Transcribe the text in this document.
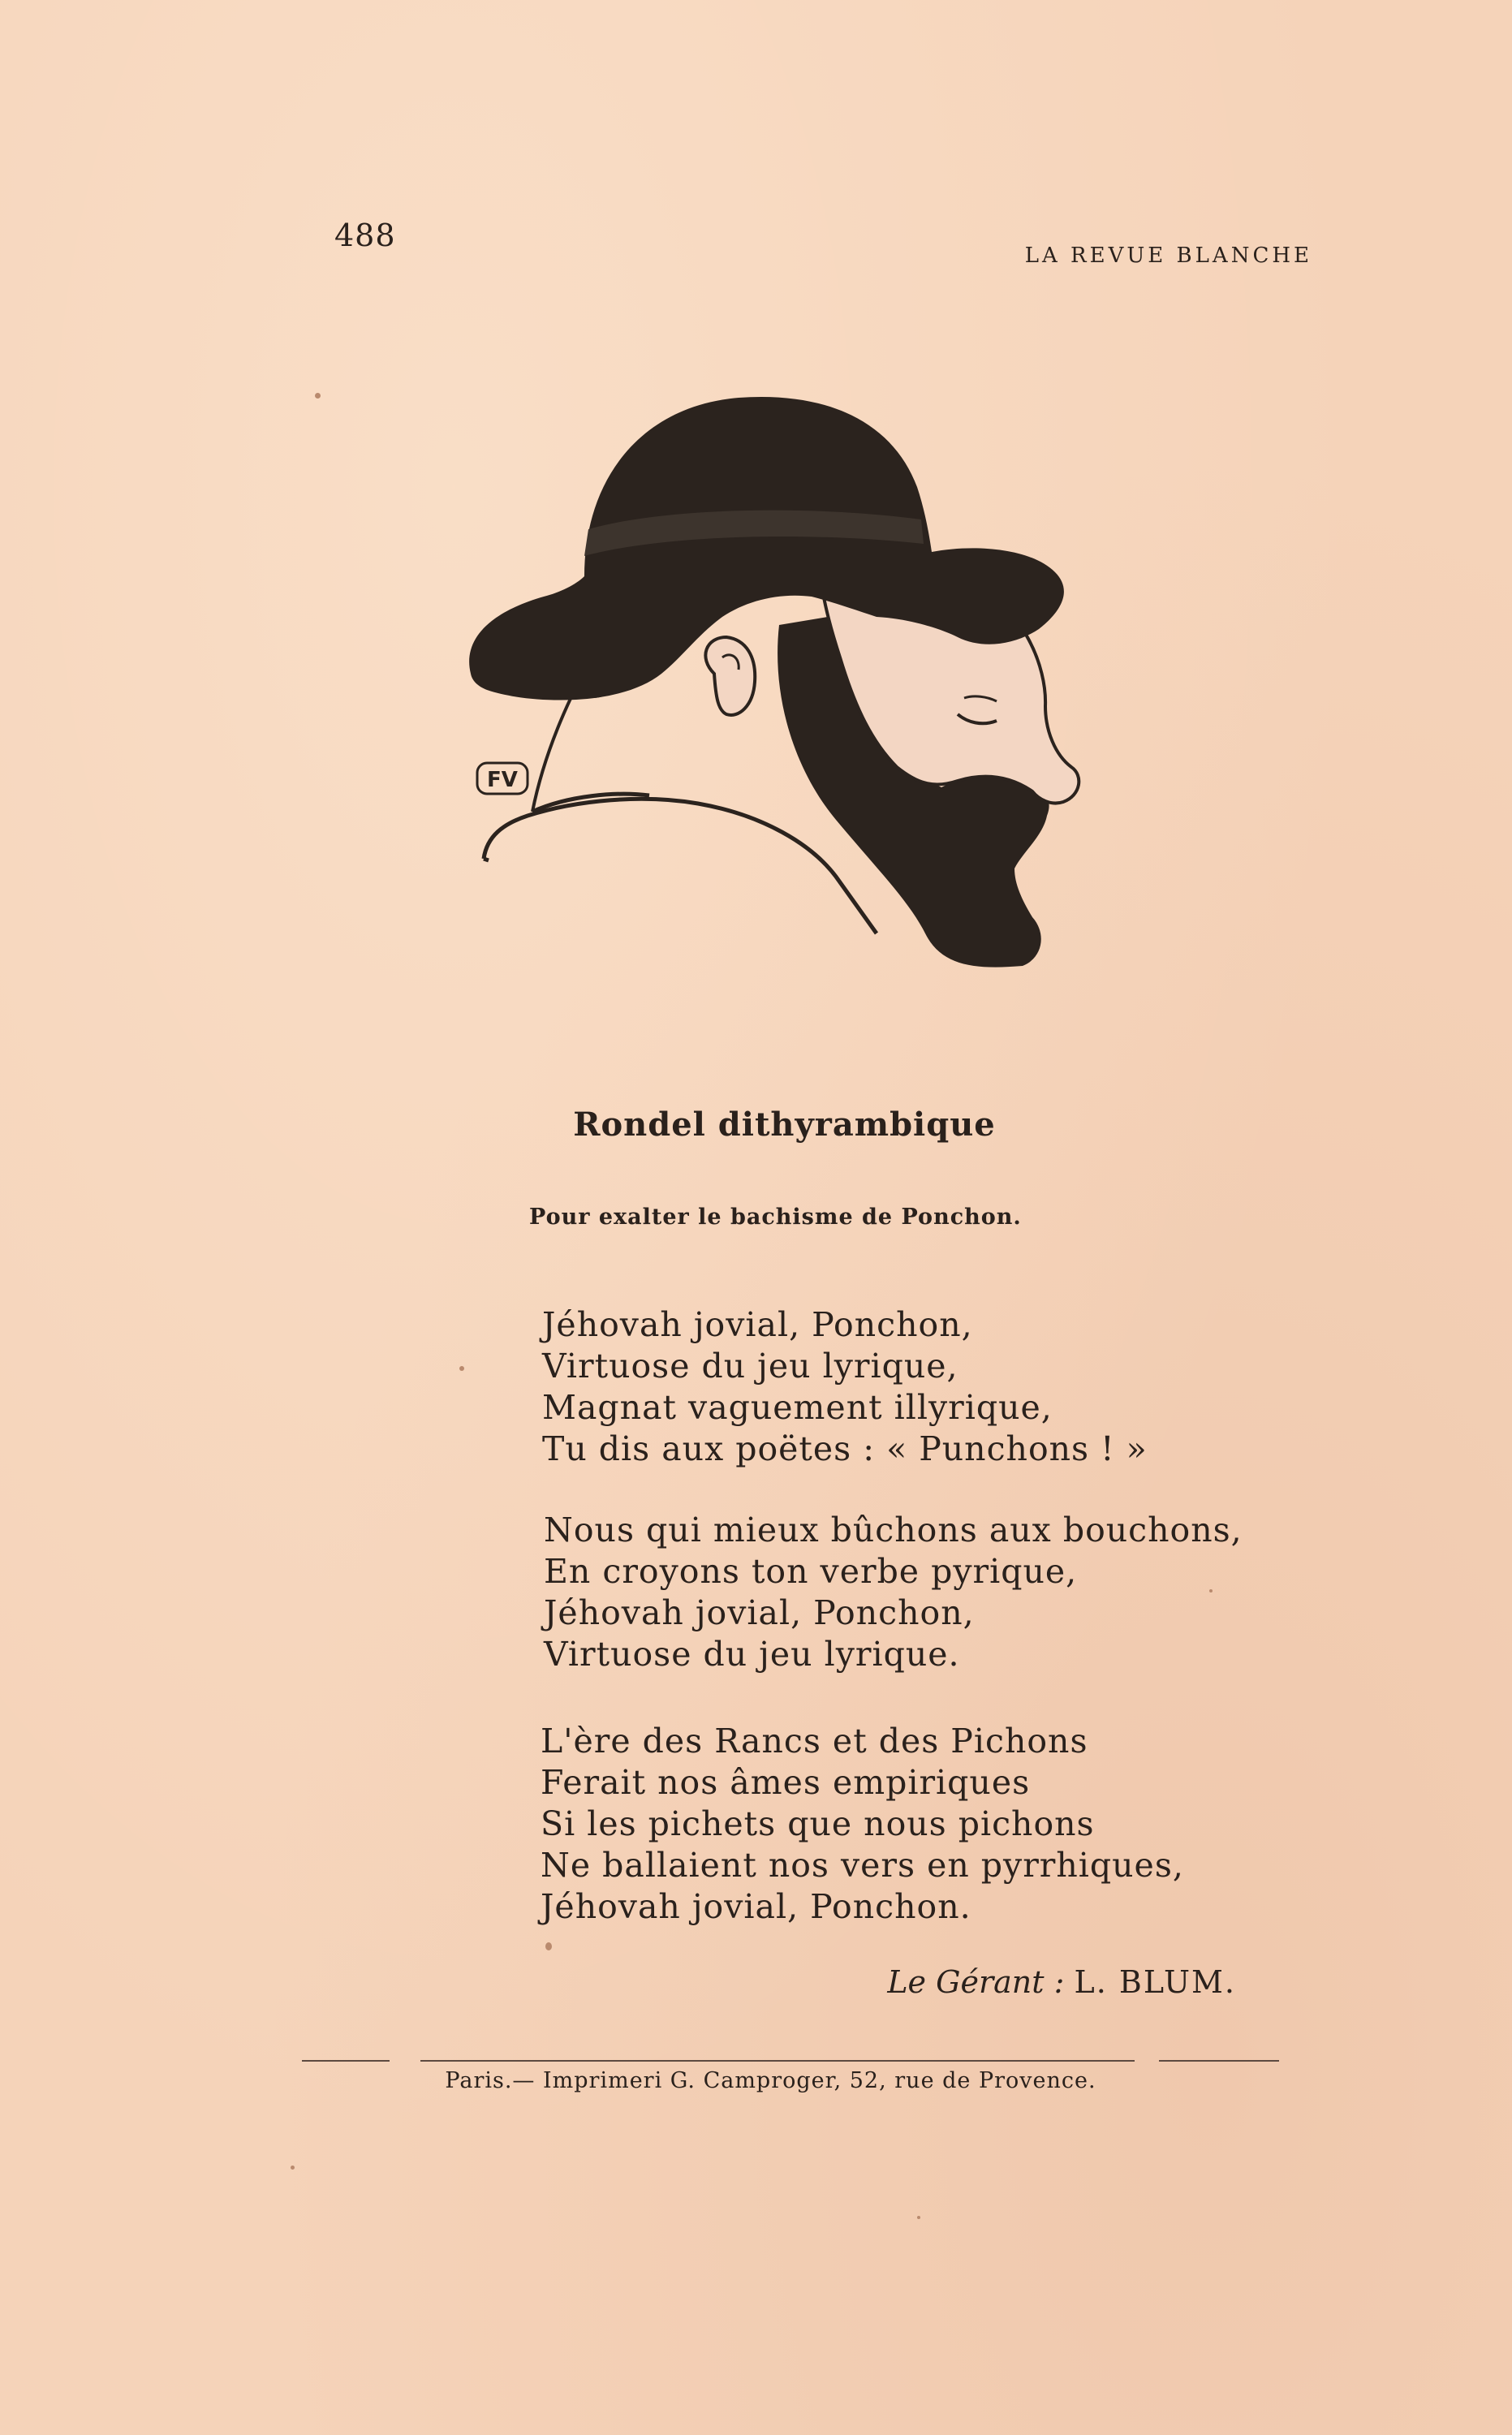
488
LA REVUE BLANCHE
FV
Rondel dithyrambique
Pour exalter le bachisme de Ponchon.
Jéhovah jovial, Ponchon,
Virtuose du jeu lyrique,
Magnat vaguement illyrique,
Tu dis aux poëtes : « Punchons ! »
Nous qui mieux bûchons aux bouchons,
En croyons ton verbe pyrique,
Jéhovah jovial, Ponchon,
Virtuose du jeu lyrique.
L'ère des Rancs et des Pichons
Ferait nos âmes empiriques
Si les pichets que nous pichons
Ne ballaient nos vers en pyrrhiques,
Jéhovah jovial, Ponchon.
Le Gérant : L. BLUM.
Paris.— Imprimeri G. Camproger, 52, rue de Provence.
